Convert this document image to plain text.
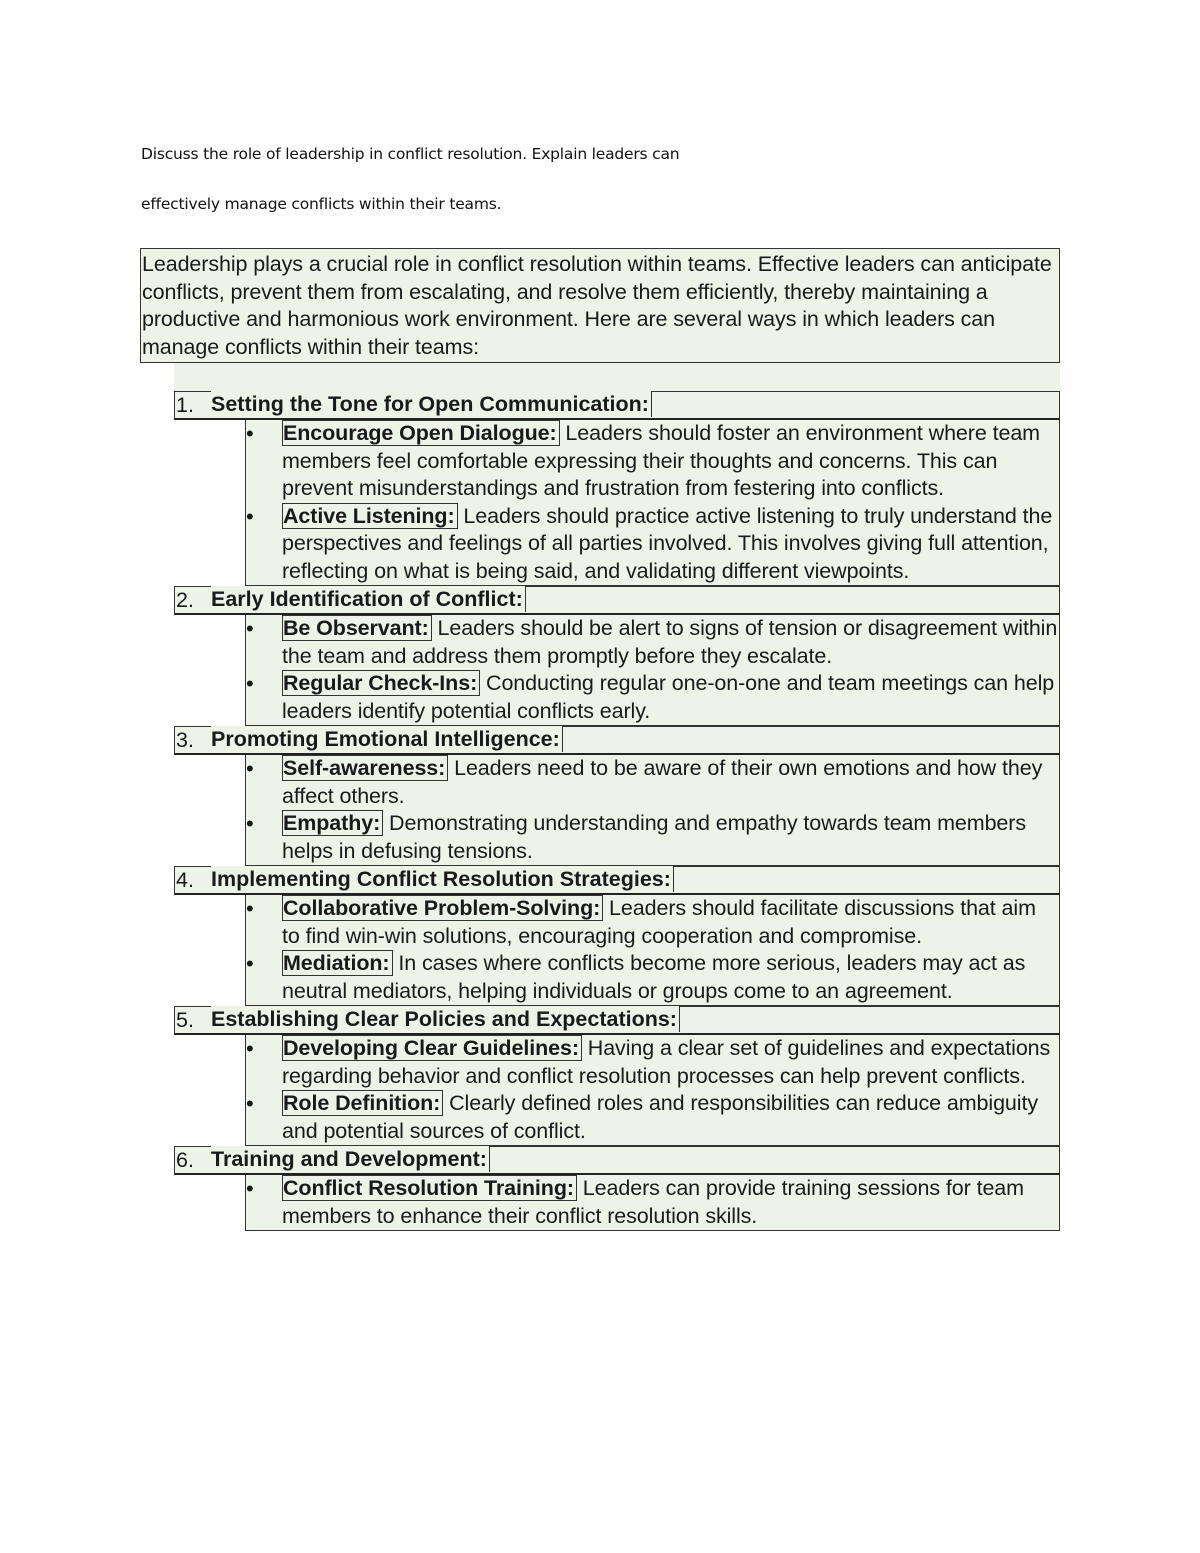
Discuss the role of leadership in conflict resolution. Explain leaders can
effectively manage conflicts within their teams.
Leadership plays a crucial role in conflict resolution within teams. Effective leaders can anticipate conflicts, prevent them from escalating, and resolve them efficiently, thereby maintaining a productive and harmonious work environment. Here are several ways in which leaders can manage conflicts within their teams:
1. Setting the Tone for Open Communication:
•	Encourage Open Dialogue: Leaders should foster an environment where team members feel comfortable expressing their thoughts and concerns. This can prevent misunderstandings and frustration from festering into conflicts.
•	Active Listening: Leaders should practice active listening to truly understand the perspectives and feelings of all parties involved. This involves giving full attention, reflecting on what is being said, and validating different viewpoints.
2. Early Identification of Conflict:
•	Be Observant: Leaders should be alert to signs of tension or disagreement within the team and address them promptly before they escalate.
•	Regular Check-Ins: Conducting regular one-on-one and team meetings can help leaders identify potential conflicts early.
3. Promoting Emotional Intelligence:
•	Self-awareness: Leaders need to be aware of their own emotions and how they affect others.
•	Empathy: Demonstrating understanding and empathy towards team members helps in defusing tensions.
4. Implementing Conflict Resolution Strategies:
•	Collaborative Problem-Solving: Leaders should facilitate discussions that aim to find win-win solutions, encouraging cooperation and compromise.
•	Mediation: In cases where conflicts become more serious, leaders may act as neutral mediators, helping individuals or groups come to an agreement.
5. Establishing Clear Policies and Expectations:
•	Developing Clear Guidelines: Having a clear set of guidelines and expectations regarding behavior and conflict resolution processes can help prevent conflicts.
•	Role Definition: Clearly defined roles and responsibilities can reduce ambiguity and potential sources of conflict.
6. Training and Development:
•	Conflict Resolution Training: Leaders can provide training sessions for team members to enhance their conflict resolution skills.
